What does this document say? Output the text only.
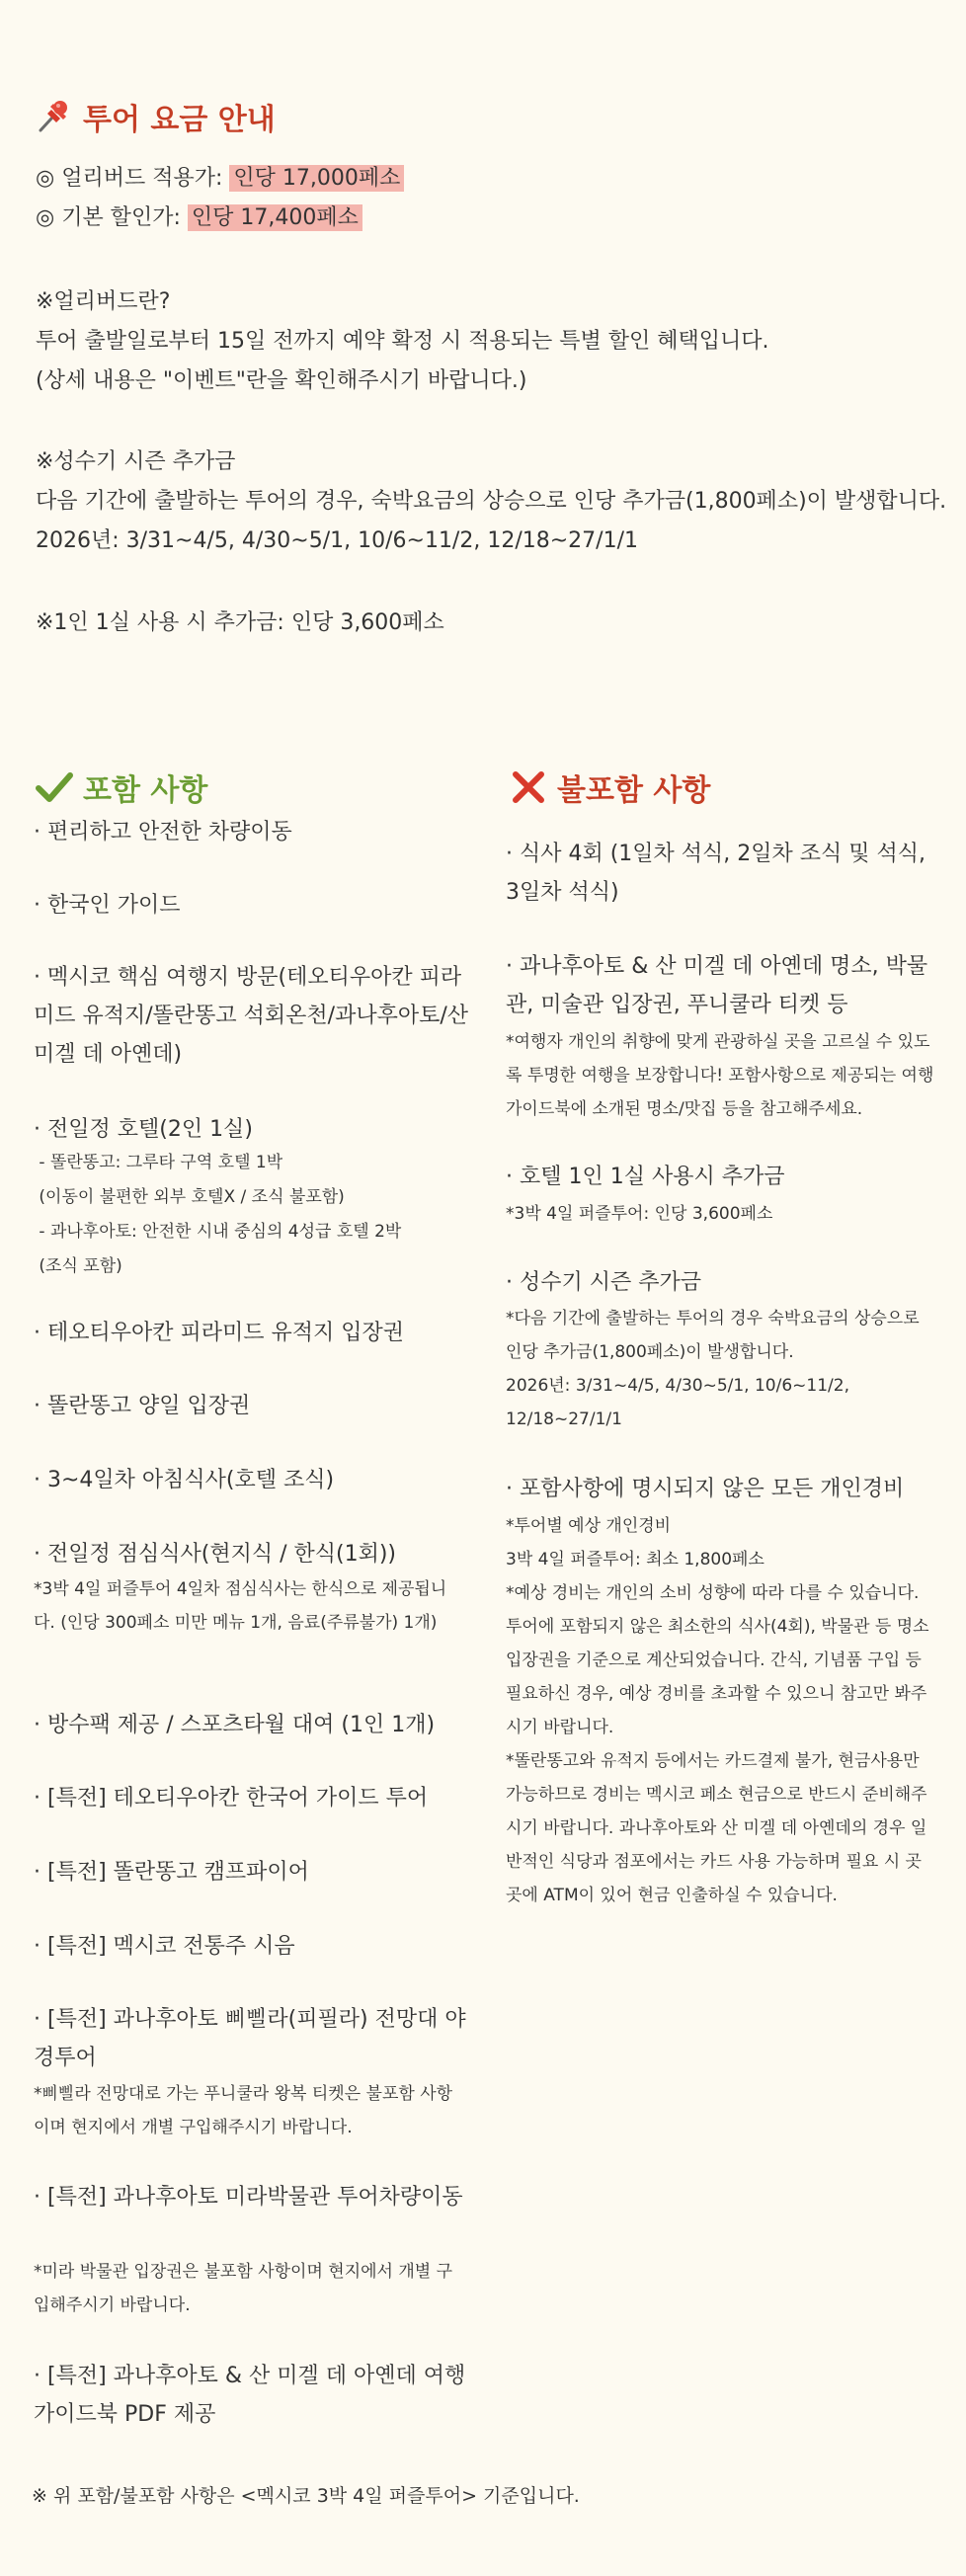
투어 요금 안내
◎ 얼리버드 적용가: 인당 17,000페소
◎ 기본 할인가: 인당 17,400페소
※얼리버드란?
투어 출발일로부터 15일 전까지 예약 확정 시 적용되는 특별 할인 혜택입니다.
(상세 내용은 "이벤트"란을 확인해주시기 바랍니다.)
※성수기 시즌 추가금
다음 기간에 출발하는 투어의 경우, 숙박요금의 상승으로 인당 추가금(1,800페소)이 발생합니다.
2026년: 3/31~4/5, 4/30~5/1, 10/6~11/2, 12/18~27/1/1
※1인 1실 사용 시 추가금: 인당 3,600페소
포함 사항	불포함 사항
· 편리하고 안전한 차량이동
· 한국인 가이드
· 멕시코 핵심 여행지 방문(테오티우아칸 피라미드 유적지/똘란똥고 석회온천/과나후아토/산 미겔 데 아옌데)
· 전일정 호텔(2인 1실)
- 똘란똥고: 그루타 구역 호텔 1박
(이동이 불편한 외부 호텔X / 조식 불포함)
- 과나후아토: 안전한 시내 중심의 4성급 호텔 2박
(조식 포함)
· 테오티우아칸 피라미드 유적지 입장권
· 똘란똥고 양일 입장권
· 3~4일차 아침식사(호텔 조식)
· 전일정 점심식사(현지식 / 한식(1회))
*3박 4일 퍼즐투어 4일차 점심식사는 한식으로 제공됩니다. (인당 300페소 미만 메뉴 1개, 음료(주류불가) 1개)
· 방수팩 제공 / 스포츠타월 대여 (1인 1개)
· [특전] 테오티우아칸 한국어 가이드 투어
· [특전] 똘란똥고 캠프파이어
· [특전] 멕시코 전통주 시음
· [특전] 과나후아토 삐삘라(피필라) 전망대 야경투어
*삐삘라 전망대로 가는 푸니쿨라 왕복 티켓은 불포함 사항이며 현지에서 개별 구입해주시기 바랍니다.
· [특전] 과나후아토 미라박물관 투어차량이동
*미라 박물관 입장권은 불포함 사항이며 현지에서 개별 구입해주시기 바랍니다.
· [특전] 과나후아토 & 산 미겔 데 아옌데 여행 가이드북 PDF 제공
· 식사 4회 (1일차 석식, 2일차 조식 및 석식, 3일차 석식)
· 과나후아토 & 산 미겔 데 아옌데 명소, 박물관, 미술관 입장권, 푸니쿨라 티켓 등
*여행자 개인의 취향에 맞게 관광하실 곳을 고르실 수 있도록 투명한 여행을 보장합니다! 포함사항으로 제공되는 여행 가이드북에 소개된 명소/맛집 등을 참고해주세요.
· 호텔 1인 1실 사용시 추가금
*3박 4일 퍼즐투어: 인당 3,600페소
· 성수기 시즌 추가금
*다음 기간에 출발하는 투어의 경우 숙박요금의 상승으로 인당 추가금(1,800페소)이 발생합니다.
2026년: 3/31~4/5, 4/30~5/1, 10/6~11/2, 12/18~27/1/1
· 포함사항에 명시되지 않은 모든 개인경비
*투어별 예상 개인경비
3박 4일 퍼즐투어: 최소 1,800페소
*예상 경비는 개인의 소비 성향에 따라 다를 수 있습니다. 투어에 포함되지 않은 최소한의 식사(4회), 박물관 등 명소 입장권을 기준으로 계산되었습니다. 간식, 기념품 구입 등 필요하신 경우, 예상 경비를 초과할 수 있으니 참고만 봐주시기 바랍니다.
*똘란똥고와 유적지 등에서는 카드결제 불가, 현금사용만 가능하므로 경비는 멕시코 페소 현금으로 반드시 준비해주시기 바랍니다. 과나후아토와 산 미겔 데 아옌데의 경우 일반적인 식당과 점포에서는 카드 사용 가능하며 필요 시 곳곳에 ATM이 있어 현금 인출하실 수 있습니다.
※ 위 포함/불포함 사항은 <멕시코 3박 4일 퍼즐투어> 기준입니다.
